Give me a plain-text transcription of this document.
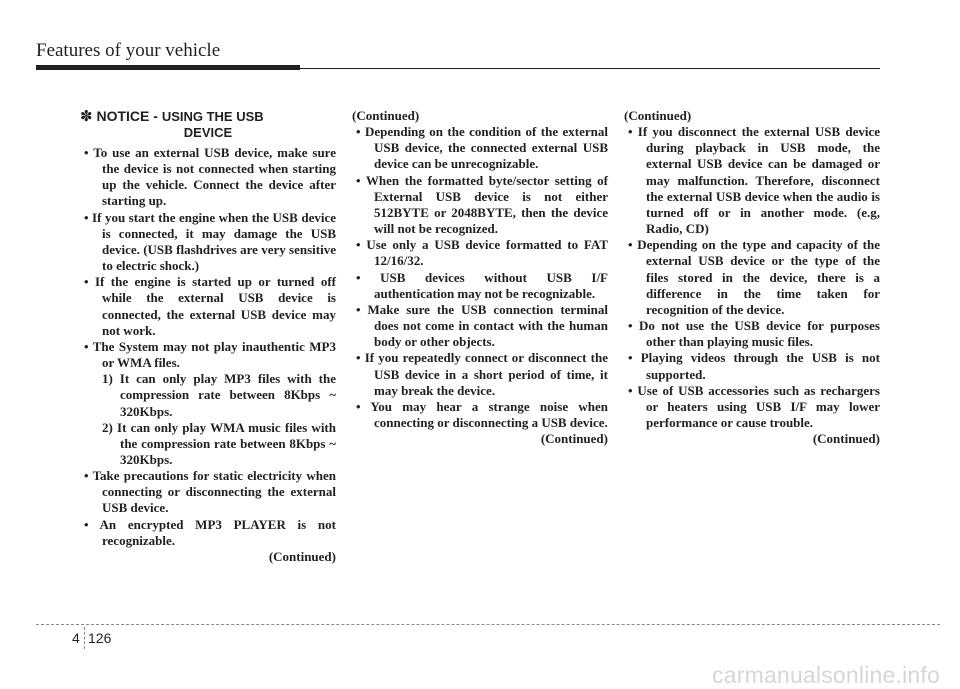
Features of your vehicle
✽ NOTICE - USING THE USB
DEVICE
• To use an external USB device, make sure the device is not connected when starting up the vehicle. Connect the device after starting up.
• If you start the engine when the USB device is connected, it may damage the USB device. (USB flashdrives are very sensitive to electric shock.)
• If the engine is started up or turned off while the external USB device is connected, the external USB device may not work.
• The System may not play inauthentic MP3 or WMA files.
1) It can only play MP3 files with the compression rate between 8Kbps ~ 320Kbps.
2) It can only play WMA music files with the compression rate between 8Kbps ~ 320Kbps.
• Take precautions for static electricity when connecting or disconnecting the external USB device.
• An encrypted MP3 PLAYER is not recognizable.

(Continued)

(Continued)

• Depending on the condition of the external USB device, the connected external USB device can be unrecognizable.
• When the formatted byte/sector setting of External USB device is not either 512BYTE or 2048BYTE, then the device will not be recognized.
• Use only a USB device formatted to FAT 12/16/32.
• USB devices without USB I/F authentication may not be recognizable.
• Make sure the USB connection terminal does not come in contact with the human body or other objects.
• If you repeatedly connect or disconnect the USB device in a short period of time, it may break the device.
• You may hear a strange noise when connecting or disconnecting a USB device.

(Continued)

(Continued)

• If you disconnect the external USB device during playback in USB mode, the external USB device can be damaged or may malfunction. Therefore, disconnect the external USB device when the audio is turned off or in another mode. (e.g, Radio, CD)
• Depending on the type and capacity of the external USB device or the type of the files stored in the device, there is a difference in the time taken for recognition of the device.
• Do not use the USB device for purposes other than playing music files.
• Playing videos through the USB is not supported.
• Use of USB accessories such as rechargers or heaters using USB I/F may lower performance or cause trouble.

(Continued)

4 126
carmanualsonline.info
